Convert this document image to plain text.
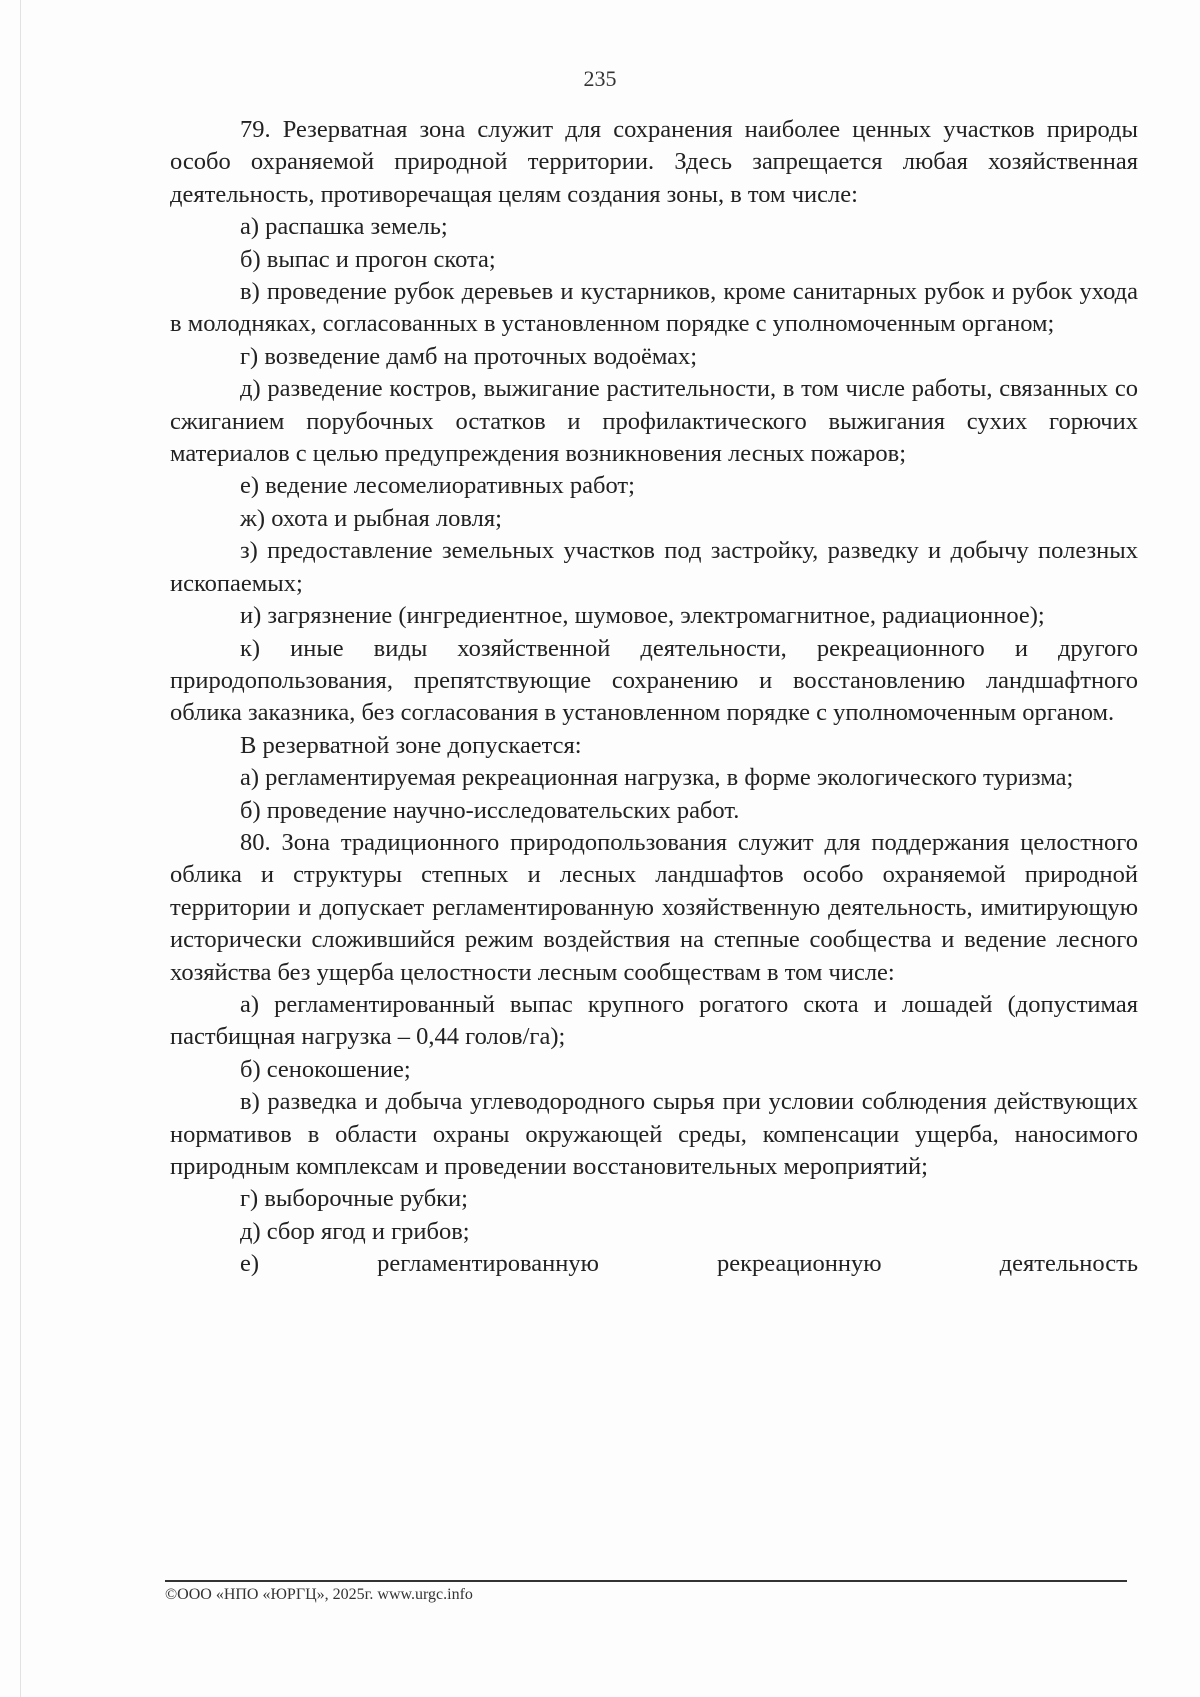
235

79. Резерватная зона служит для сохранения наиболее ценных участков природы особо охраняемой природной территории. Здесь запрещается любая хозяйственная деятельность, противоречащая целям создания зоны, в том числе:

а) распашка земель;

б) выпас и прогон скота;

в) проведение рубок деревьев и кустарников, кроме санитарных рубок и рубок ухода в молодняках, согласованных в установленном порядке с уполномоченным органом;

г) возведение дамб на проточных водоёмах;

д) разведение костров, выжигание растительности, в том числе работы, связанных со сжиганием порубочных остатков и профилактического выжигания сухих горючих материалов с целью предупреждения возникновения лесных пожаров;

е) ведение лесомелиоративных работ;

ж) охота и рыбная ловля;

з) предоставление земельных участков под застройку, разведку и добычу полезных ископаемых;

и) загрязнение (ингредиентное, шумовое, электромагнитное, радиационное);

к) иные виды хозяйственной деятельности, рекреационного и другого природопользования, препятствующие сохранению и восстановлению ландшафтного облика заказника, без согласования в установленном порядке с уполномоченным органом.

В резерватной зоне допускается:

а) регламентируемая рекреационная нагрузка, в форме экологического туризма;

б) проведение научно-исследовательских работ.

80. Зона традиционного природопользования служит для поддержания целостного облика и структуры степных и лесных ландшафтов особо охраняемой природной территории и допускает регламентированную хозяйственную деятельность, имитирующую исторически сложившийся режим воздействия на степные сообщества и ведение лесного хозяйства без ущерба целостности лесным сообществам в том числе:

а) регламентированный выпас крупного рогатого скота и лошадей (допустимая пастбищная нагрузка – 0,44 голов/га);

б) сенокошение;

в) разведка и добыча углеводородного сырья при условии соблюдения действующих нормативов в области охраны окружающей среды, компенсации ущерба, наносимого природным комплексам и проведении восстановительных мероприятий;

г) выборочные рубки;

д) сбор ягод и грибов;

е) регламентированную рекреационную деятельность

©ООО «НПО «ЮРГЦ», 2025г. www.urgc.info
